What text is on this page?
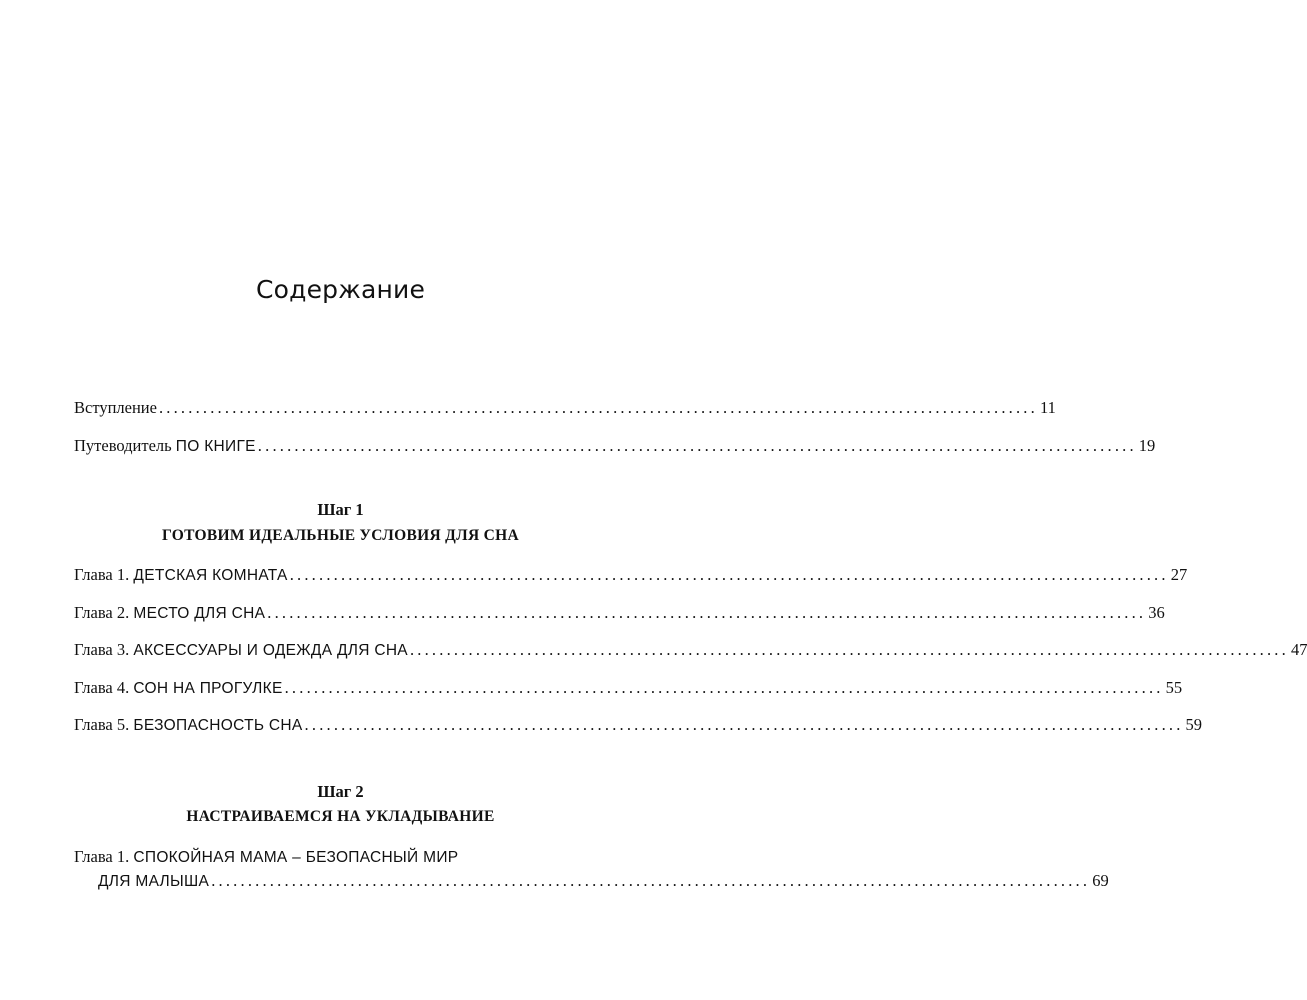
Содержание
Вступление ........................................................................................................................ 11
Путеводитель ПО КНИГЕ ........................................................................................................................ 19
Шаг 1
ГОТОВИМ ИДЕАЛЬНЫЕ УСЛОВИЯ ДЛЯ СНА
Глава 1. ДЕТСКАЯ КОМНАТА ........................................................................................................................ 27
Глава 2. МЕСТО ДЛЯ СНА ........................................................................................................................ 36
Глава 3. АКСЕССУАРЫ И ОДЕЖДА ДЛЯ СНА ........................................................................................................................ 47
Глава 4. СОН НА ПРОГУЛКЕ ........................................................................................................................ 55
Глава 5. БЕЗОПАСНОСТЬ СНА ........................................................................................................................ 59
Шаг 2
НАСТРАИВАЕМСЯ НА УКЛАДЫВАНИЕ
Глава 1. СПОКОЙНАЯ МАМА – БЕЗОПАСНЫЙ МИР
ДЛЯ МАЛЫША ........................................................................................................................ 69
